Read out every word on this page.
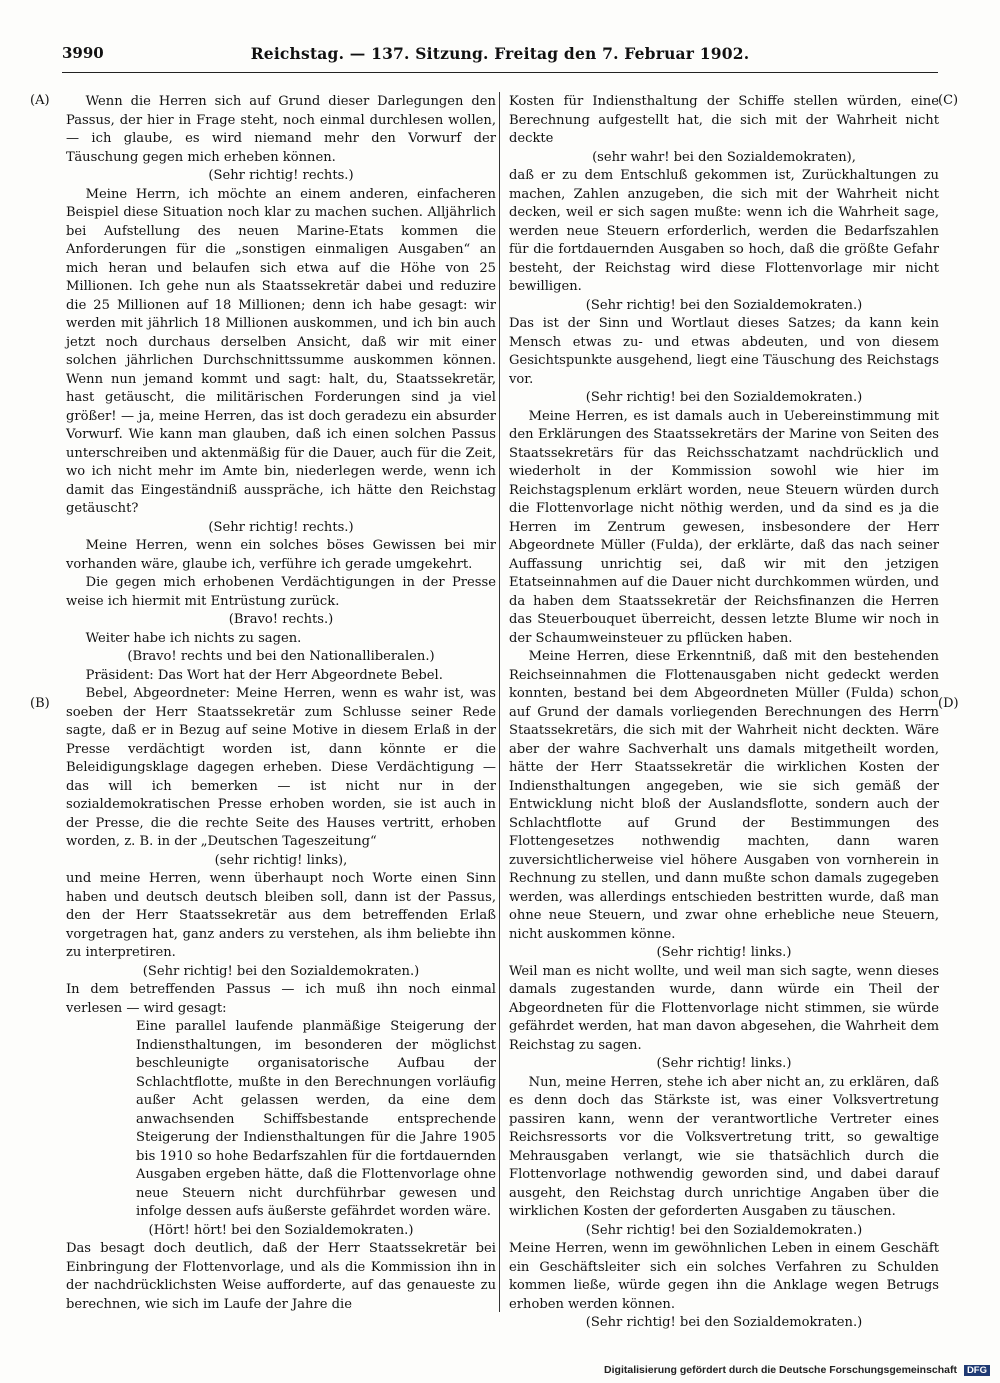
3990	Reichstag. — 137. Sitzung. Freitag den 7. Februar 1902.
(A)
(B)
(C)
(D)

Wenn die Herren sich auf Grund dieser Darlegungen den Passus, der hier in Frage steht, noch einmal durchlesen wollen, — ich glaube, es wird niemand mehr den Vorwurf der Täuschung gegen mich erheben können.

(Sehr richtig! rechts.)

Meine Herrn, ich möchte an einem anderen, einfacheren Beispiel diese Situation noch klar zu machen suchen. Alljährlich bei Aufstellung des neuen Marine-Etats kommen die Anforderungen für die „sonstigen einmaligen Ausgaben“ an mich heran und belaufen sich etwa auf die Höhe von 25 Millionen. Ich gehe nun als Staatssekretär dabei und reduzire die 25 Millionen auf 18 Millionen; denn ich habe gesagt: wir werden mit jährlich 18 Millionen auskommen, und ich bin auch jetzt noch durchaus derselben Ansicht, daß wir mit einer solchen jährlichen Durchschnittssumme auskommen können. Wenn nun jemand kommt und sagt: halt, du, Staatssekretär, hast getäuscht, die militärischen Forderungen sind ja viel größer! — ja, meine Herren, das ist doch geradezu ein absurder Vorwurf. Wie kann man glauben, daß ich einen solchen Passus unterschreiben und aktenmäßig für die Dauer, auch für die Zeit, wo ich nicht mehr im Amte bin, niederlegen werde, wenn ich damit das Eingeständniß ausspräche, ich hätte den Reichstag getäuscht?

(Sehr richtig! rechts.)

Meine Herren, wenn ein solches böses Gewissen bei mir vorhanden wäre, glaube ich, verführe ich gerade umgekehrt.

Die gegen mich erhobenen Verdächtigungen in der Presse weise ich hiermit mit Entrüstung zurück.

(Bravo! rechts.)

Weiter habe ich nichts zu sagen.

(Bravo! rechts und bei den Nationalliberalen.)

Präsident: Das Wort hat der Herr Abgeordnete Bebel.

Bebel, Abgeordneter: Meine Herren, wenn es wahr ist, was soeben der Herr Staatssekretär zum Schlusse seiner Rede sagte, daß er in Bezug auf seine Motive in diesem Erlaß in der Presse verdächtigt worden ist, dann könnte er die Beleidigungsklage dagegen erheben. Diese Verdächtigung — das will ich bemerken — ist nicht nur in der sozialdemokratischen Presse erhoben worden, sie ist auch in der Presse, die die rechte Seite des Hauses vertritt, erhoben worden, z. B. in der „Deutschen Tageszeitung“

(sehr richtig! links),

und meine Herren, wenn überhaupt noch Worte einen Sinn haben und deutsch deutsch bleiben soll, dann ist der Passus, den der Herr Staatssekretär aus dem betreffenden Erlaß vorgetragen hat, ganz anders zu verstehen, als ihm beliebte ihn zu interpretiren.

(Sehr richtig! bei den Sozialdemokraten.)

In dem betreffenden Passus — ich muß ihn noch einmal verlesen — wird gesagt:

Eine parallel laufende planmäßige Steigerung der Indiensthaltungen, im besonderen der möglichst beschleunigte organisatorische Aufbau der Schlachtflotte, mußte in den Berechnungen vorläufig außer Acht gelassen werden, da eine dem anwachsenden Schiffsbestande entsprechende Steigerung der Indiensthaltungen für die Jahre 1905 bis 1910 so hohe Bedarfszahlen für die fortdauernden Ausgaben ergeben hätte, daß die Flottenvorlage ohne neue Steuern nicht durchführbar gewesen und infolge dessen aufs äußerste gefährdet worden wäre.

(Hört! hört! bei den Sozialdemokraten.)

Das besagt doch deutlich, daß der Herr Staatssekretär bei Einbringung der Flottenvorlage, und als die Kommission ihn in der nachdrücklichsten Weise aufforderte, auf das genaueste zu berechnen, wie sich im Laufe der Jahre die

Kosten für Indiensthaltung der Schiffe stellen würden, eine Berechnung aufgestellt hat, die sich mit der Wahrheit nicht deckte

(sehr wahr! bei den Sozialdemokraten),

daß er zu dem Entschluß gekommen ist, Zurückhaltungen zu machen, Zahlen anzugeben, die sich mit der Wahrheit nicht decken, weil er sich sagen mußte: wenn ich die Wahrheit sage, werden neue Steuern erforderlich, werden die Bedarfszahlen für die fortdauernden Ausgaben so hoch, daß die größte Gefahr besteht, der Reichstag wird diese Flottenvorlage mir nicht bewilligen.

(Sehr richtig! bei den Sozialdemokraten.)

Das ist der Sinn und Wortlaut dieses Satzes; da kann kein Mensch etwas zu- und etwas abdeuten, und von diesem Gesichtspunkte ausgehend, liegt eine Täuschung des Reichstags vor.

(Sehr richtig! bei den Sozialdemokraten.)

Meine Herren, es ist damals auch in Uebereinstimmung mit den Erklärungen des Staatssekretärs der Marine von Seiten des Staatssekretärs für das Reichsschatzamt nachdrücklich und wiederholt in der Kommission sowohl wie hier im Reichstagsplenum erklärt worden, neue Steuern würden durch die Flottenvorlage nicht nöthig werden, und da sind es ja die Herren im Zentrum gewesen, insbesondere der Herr Abgeordnete Müller (Fulda), der erklärte, daß das nach seiner Auffassung unrichtig sei, daß wir mit den jetzigen Etatseinnahmen auf die Dauer nicht durchkommen würden, und da haben dem Staatssekretär der Reichsfinanzen die Herren das Steuerbouquet überreicht, dessen letzte Blume wir noch in der Schaumweinsteuer zu pflücken haben.

Meine Herren, diese Erkenntniß, daß mit den bestehenden Reichseinnahmen die Flottenausgaben nicht gedeckt werden konnten, bestand bei dem Abgeordneten Müller (Fulda) schon auf Grund der damals vorliegenden Berechnungen des Herrn Staatssekretärs, die sich mit der Wahrheit nicht deckten. Wäre aber der wahre Sachverhalt uns damals mitgetheilt worden, hätte der Herr Staatssekretär die wirklichen Kosten der Indiensthaltungen angegeben, wie sie sich gemäß der Entwicklung nicht bloß der Auslandsflotte, sondern auch der Schlachtflotte auf Grund der Bestimmungen des Flottengesetzes nothwendig machten, dann waren zuversichtlicherweise viel höhere Ausgaben von vornherein in Rechnung zu stellen, und dann mußte schon damals zugegeben werden, was allerdings entschieden bestritten wurde, daß man ohne neue Steuern, und zwar ohne erhebliche neue Steuern, nicht auskommen könne.

(Sehr richtig! links.)

Weil man es nicht wollte, und weil man sich sagte, wenn dieses damals zugestanden wurde, dann würde ein Theil der Abgeordneten für die Flottenvorlage nicht stimmen, sie würde gefährdet werden, hat man davon abgesehen, die Wahrheit dem Reichstag zu sagen.

(Sehr richtig! links.)

Nun, meine Herren, stehe ich aber nicht an, zu erklären, daß es denn doch das Stärkste ist, was einer Volksvertretung passiren kann, wenn der verantwortliche Vertreter eines Reichsressorts vor die Volksvertretung tritt, so gewaltige Mehrausgaben verlangt, wie sie thatsächlich durch die Flottenvorlage nothwendig geworden sind, und dabei darauf ausgeht, den Reichstag durch unrichtige Angaben über die wirklichen Kosten der geforderten Ausgaben zu täuschen.

(Sehr richtig! bei den Sozialdemokraten.)

Meine Herren, wenn im gewöhnlichen Leben in einem Geschäft ein Geschäftsleiter sich ein solches Verfahren zu Schulden kommen ließe, würde gegen ihn die Anklage wegen Betrugs erhoben werden können.

(Sehr richtig! bei den Sozialdemokraten.)

Digitalisierung gefördert durch die Deutsche Forschungsgemeinschaft DFG
